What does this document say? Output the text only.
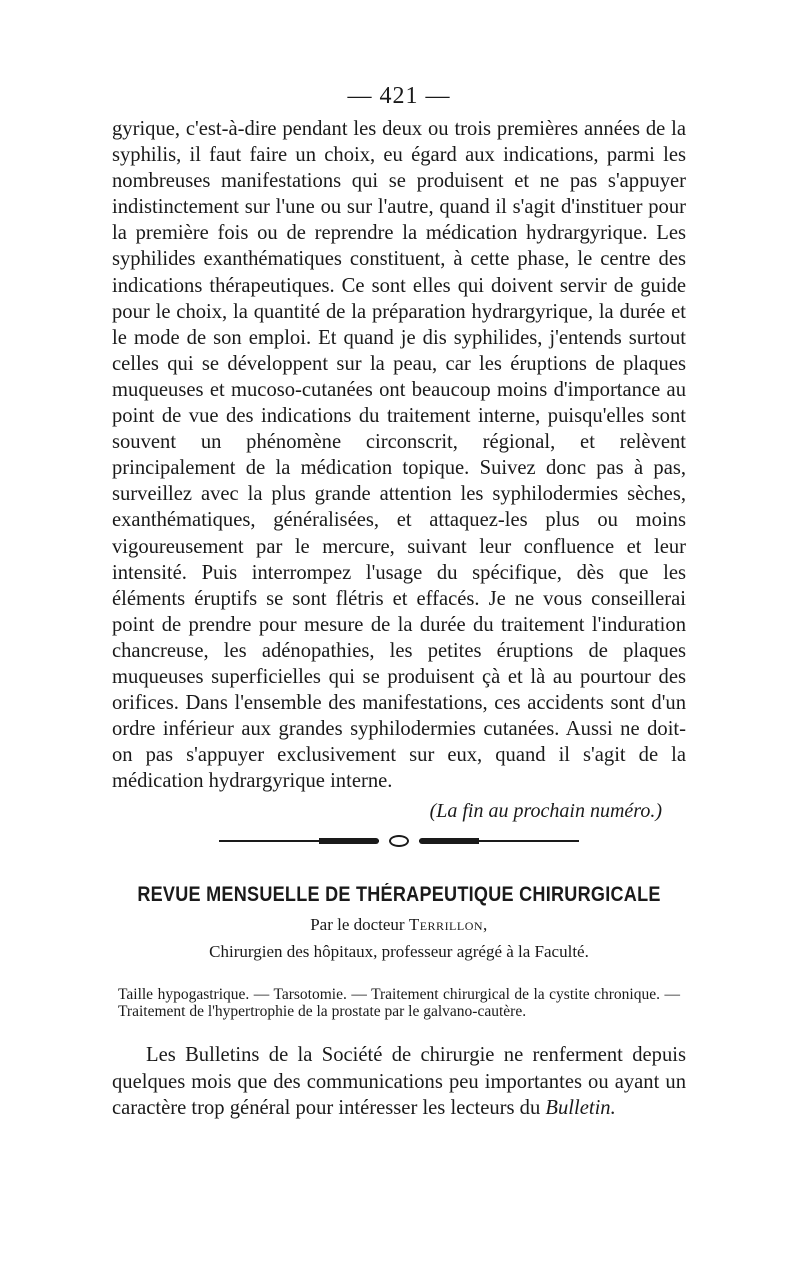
— 421 —

gyrique, c'est-à-dire pendant les deux ou trois premières années de la syphilis, il faut faire un choix, eu égard aux indications, parmi les nombreuses manifestations qui se produisent et ne pas s'appuyer indistinctement sur l'une ou sur l'autre, quand il s'agit d'instituer pour la première fois ou de reprendre la médication hydrargyrique. Les syphilides exanthématiques constituent, à cette phase, le centre des indications thérapeutiques. Ce sont elles qui doivent servir de guide pour le choix, la quantité de la préparation hydrargyrique, la durée et le mode de son emploi. Et quand je dis syphilides, j'entends surtout celles qui se développent sur la peau, car les éruptions de plaques muqueuses et mucoso-cutanées ont beaucoup moins d'importance au point de vue des indications du traitement interne, puisqu'elles sont souvent un phénomène circonscrit, régional, et relèvent principalement de la médication topique. Suivez donc pas à pas, surveillez avec la plus grande attention les syphilodermies sèches, exanthématiques, généralisées, et attaquez-les plus ou moins vigoureusement par le mercure, suivant leur confluence et leur intensité. Puis interrompez l'usage du spécifique, dès que les éléments éruptifs se sont flétris et effacés. Je ne vous conseillerai point de prendre pour mesure de la durée du traitement l'induration chancreuse, les adénopathies, les petites éruptions de plaques muqueuses superficielles qui se produisent çà et là au pourtour des orifices. Dans l'ensemble des manifestations, ces accidents sont d'un ordre inférieur aux grandes syphilodermies cutanées. Aussi ne doit-on pas s'appuyer exclusivement sur eux, quand il s'agit de la médication hydrargyrique interne.

(La fin au prochain numéro.)
REVUE MENSUELLE DE THÉRAPEUTIQUE CHIRURGICALE
Par le docteur Terrillon,
Chirurgien des hôpitaux, professeur agrégé à la Faculté.

Taille hypogastrique. — Tarsotomie. — Traitement chirurgical de la cystite chronique. — Traitement de l'hypertrophie de la prostate par le galvano-cautère.

Les Bulletins de la Société de chirurgie ne renferment depuis quelques mois que des communications peu importantes ou ayant un caractère trop général pour intéresser les lecteurs du Bulletin.
